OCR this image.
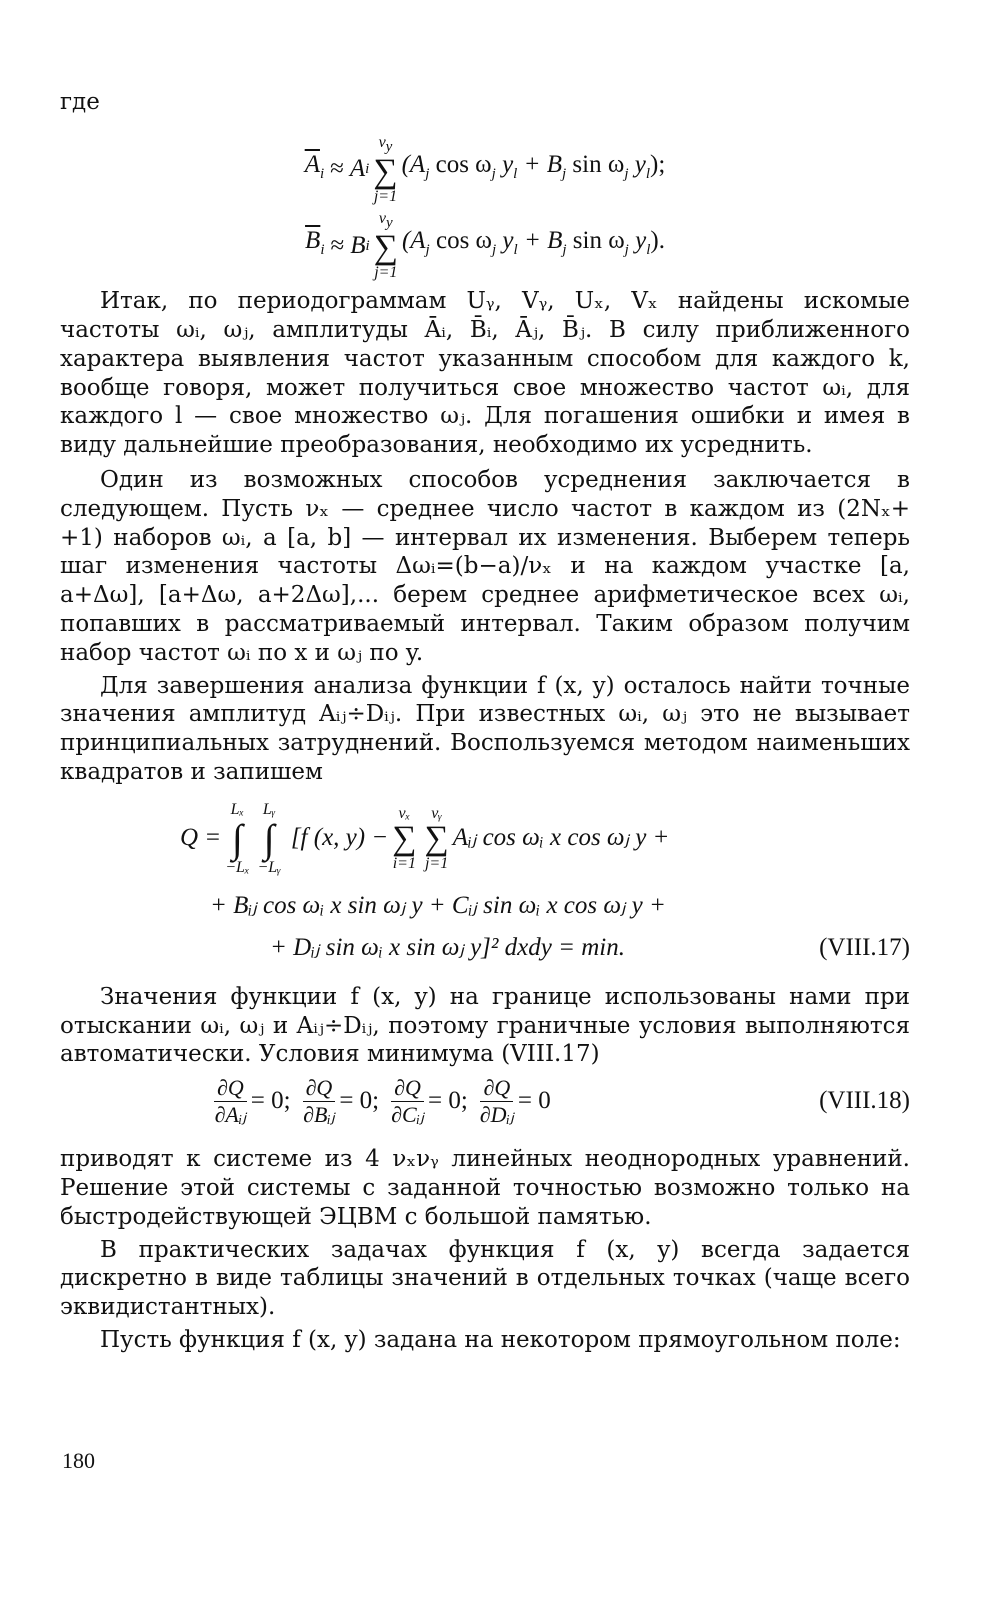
где

$\overline{A}_i \approx A$ i
$\nu_y$
∑
j=1
($A_j$ $\cos \omega_j$ $y_l + B_j$ $\sin \omega_j$ $y_l$);
$\overline{B}_i \approx B$ i
$\nu_y$
∑
j=1
($A_j$ $\cos \omega_j$ $y_l + B_j$ $\sin \omega_j$ $y_l$).

Итак, по периодограммам Uᵧ, Vᵧ, Uₓ, Vₓ найдены искомые частоты ωᵢ, ωⱼ, амплитуды Āᵢ, B̄ᵢ, Āⱼ, B̄ⱼ. В силу приближенного характера выявления частот указанным способом для каждого k, вообще говоря, может получиться свое множество частот ωᵢ, для каждого l — свое множество ωⱼ. Для погашения ошибки и имея в виду дальнейшие преобразования, необходимо их усреднить.

Один из возможных способов усреднения заключается в следующем. Пусть νₓ — среднее число частот в каждом из (2Nₓ+ +1) наборов ωᵢ, а [a, b] — интервал их изменения. Выберем теперь шаг изменения частоты Δωᵢ=(b−a)/νₓ и на каждом участке [a, a+Δω], [a+Δω, a+2Δω],... берем среднее арифметическое всех ωᵢ, попавших в рассматриваемый интервал. Таким образом получим набор частот ωᵢ по x и ωⱼ по y.

Для завершения анализа функции f (x, y) осталось найти точные значения амплитуд Aᵢⱼ÷Dᵢⱼ. При известных ωᵢ, ωⱼ это не вызывает принципиальных затруднений. Воспользуемся методом наименьших квадратов и запишем

Q =
Lₓ
∫
−Lₓ
Lᵧ
∫
−Lᵧ
[f (x, y) −
νₓ
∑
i=1
νᵧ
∑
j=1
Aᵢⱼ cos ωᵢ x cos ωⱼ y +
+ Bᵢⱼ cos ωᵢ x sin ωⱼ y + Cᵢⱼ sin ωᵢ x cos ωⱼ y +
+ Dᵢⱼ sin ωᵢ x sin ωⱼ y]² dxdy = min.	(VIII.17)

Значения функции f (x, y) на границе использованы нами при отыскании ωᵢ, ωⱼ и Aᵢⱼ÷Dᵢⱼ, поэтому граничные условия выполняются автоматически. Условия минимума (VIII.17)

$\frac{\partial Q}{\text{∂Aᵢⱼ}} = 0$; $\frac{\partial Q}{\text{∂Bᵢⱼ}} = 0$; $\frac{\partial Q}{\text{∂Cᵢⱼ}} = 0$; $\frac{\partial Q}{\text{∂Dᵢⱼ}} = 0$	(VIII.18)

приводят к системе из 4 νₓνᵧ линейных неоднородных уравнений. Решение этой системы с заданной точностью возможно только на быстродействующей ЭЦВМ с большой памятью.

В практических задачах функция f (x, y) всегда задается дискретно в виде таблицы значений в отдельных точках (чаще всего эквидистантных).

Пусть функция f (x, y) задана на некотором прямоугольном поле:

180
